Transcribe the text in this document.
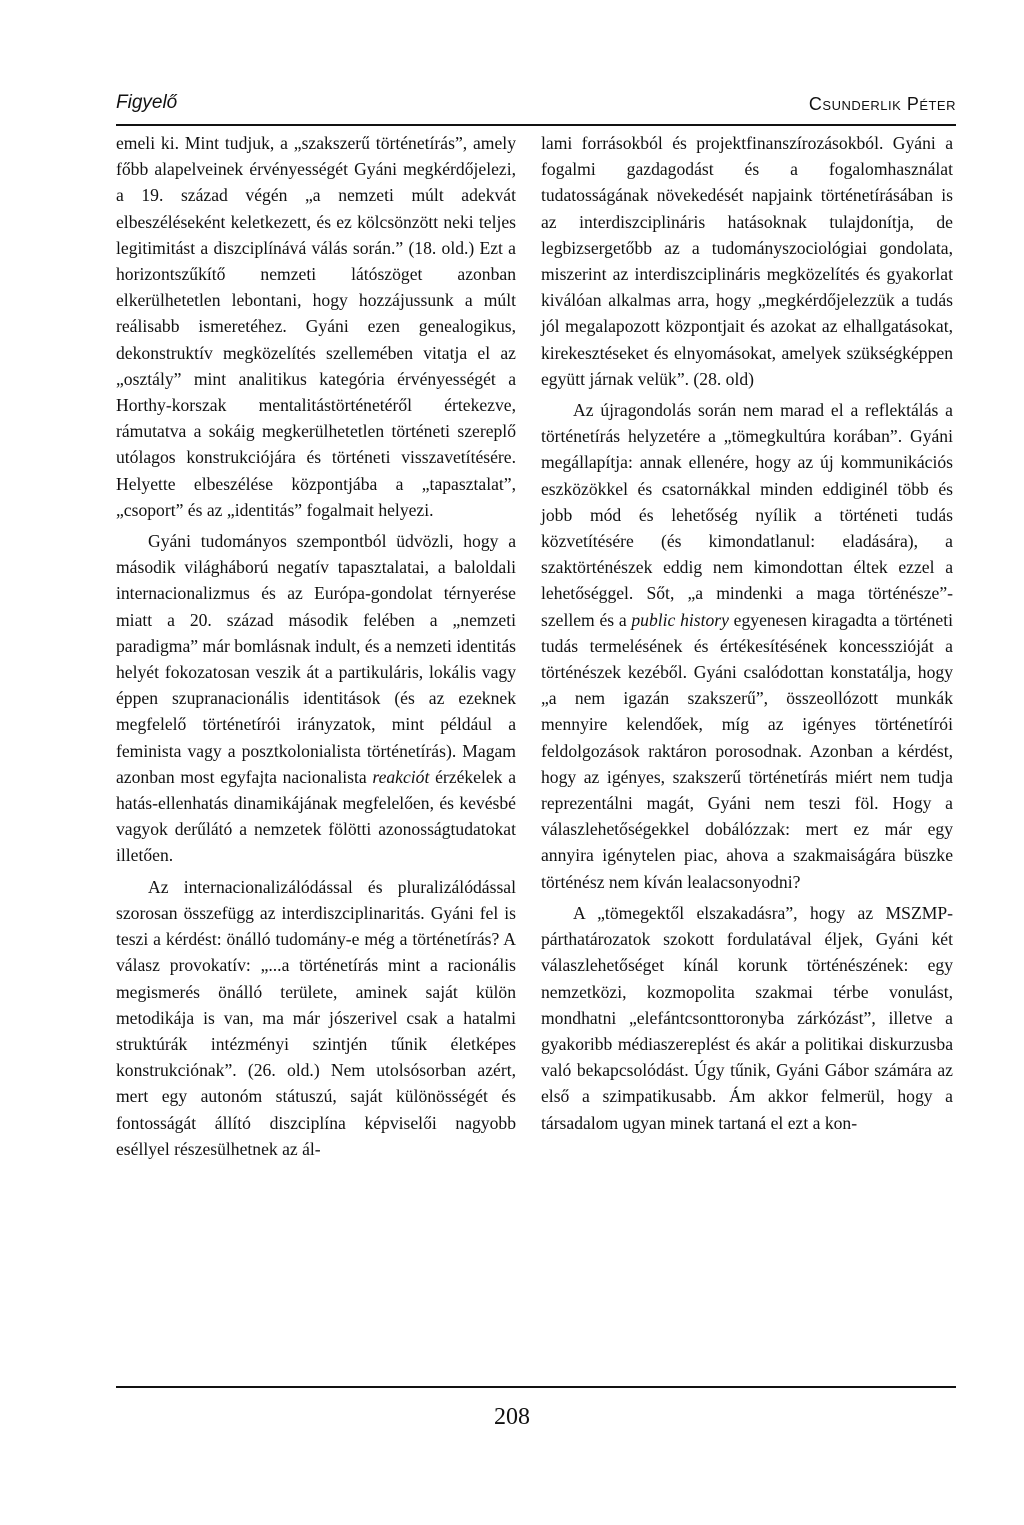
Figyelő	Csunderlik Péter

emeli ki. Mint tudjuk, a „szakszerű történetírás”, amely főbb alapelveinek érvényességét Gyáni megkérdőjelezi, a 19. század végén „a nemzeti múlt adekvát elbeszéléseként keletkezett, és ez kölcsönzött neki teljes legitimitást a diszciplínává válás során.” (18. old.) Ezt a horizontszűkítő nemzeti látószöget azonban elkerülhetetlen lebontani, hogy hozzájussunk a múlt reálisabb ismeretéhez. Gyáni ezen genealogikus, dekonstruktív megközelítés szellemében vitatja el az „osztály” mint analitikus kategória érvényességét a Horthy-korszak mentalitástörténetéről értekezve, rámutatva a sokáig megkerülhetetlen történeti szereplő utólagos konstrukciójára és történeti visszavetítésére. Helyette elbeszélése központjába a „tapasztalat”, „csoport” és az „identitás” fogalmait helyezi.

Gyáni tudományos szempontból üdvözli, hogy a második világháború negatív tapasztalatai, a baloldali internacionalizmus és az Európa-gondolat térnyerése miatt a 20. század második felében a „nemzeti paradigma” már bomlásnak indult, és a nemzeti identitás helyét fokozatosan veszik át a partikuláris, lokális vagy éppen szupranacionális identitások (és az ezeknek megfelelő történetírói irányzatok, mint például a feminista vagy a posztkolonialista történetírás). Magam azonban most egyfajta nacionalista reakciót érzékelek a hatás-ellenhatás dinamikájának megfelelően, és kevésbé vagyok derűlátó a nemzetek fölötti azonosságtudatokat illetően.

Az internacionalizálódással és pluralizálódással szorosan összefügg az interdiszciplinaritás. Gyáni fel is teszi a kérdést: önálló tudomány-e még a történetírás? A válasz provokatív: „...a történetírás mint a racionális megismerés önálló területe, aminek saját külön metodikája is van, ma már jószerivel csak a hatalmi struktúrák intézményi szintjén tűnik életképes konstrukciónak”. (26. old.) Nem utolsósorban azért, mert egy autonóm státuszú, saját különösségét és fontosságát állító diszciplína képviselői nagyobb eséllyel részesülhetnek az ál-

lami forrásokból és projektfinanszírozásokból. Gyáni a fogalmi gazdagodást és a fogalomhasználat tudatosságának növekedését napjaink történetírásában is az interdiszciplináris hatásoknak tulajdonítja, de legbizsergetőbb az a tudományszociológiai gondolata, miszerint az interdiszciplináris megközelítés és gyakorlat kiválóan alkalmas arra, hogy „megkérdőjelezzük a tudás jól megalapozott központjait és azokat az elhallgatásokat, kirekesztéseket és elnyomásokat, amelyek szükségképpen együtt járnak velük”. (28. old)

Az újragondolás során nem marad el a reflektálás a történetírás helyzetére a „tömegkultúra korában”. Gyáni megállapítja: annak ellenére, hogy az új kommunikációs eszközökkel és csatornákkal minden eddiginél több és jobb mód és lehetőség nyílik a történeti tudás közvetítésére (és kimondatlanul: eladására), a szaktörténészek eddig nem kimondottan éltek ezzel a lehetőséggel. Sőt, „a mindenki a maga történésze”-szellem és a public history egyenesen kiragadta a történeti tudás termelésének és értékesítésének koncesszióját a történészek kezéből. Gyáni csalódottan konstatálja, hogy „a nem igazán szakszerű”, összeollózott munkák mennyire kelendőek, míg az igényes történetírói feldolgozások raktáron porosodnak. Azonban a kérdést, hogy az igényes, szakszerű történetírás miért nem tudja reprezentálni magát, Gyáni nem teszi föl. Hogy a válaszlehetőségekkel dobálózzak: mert ez már egy annyira igénytelen piac, ahova a szakmaiságára büszke történész nem kíván lealacsonyodni?

A „tömegektől elszakadásra”, hogy az MSZMP-párthatározatok szokott fordulatával éljek, Gyáni két válaszlehetőséget kínál korunk történészének: egy nemzetközi, kozmopolita szakmai térbe vonulást, mondhatni „elefántcsonttoronyba zárkózást”, illetve a gyakoribb médiaszereplést és akár a politikai diskurzusba való bekapcsolódást. Úgy tűnik, Gyáni Gábor számára az első a szimpatikusabb. Ám akkor felmerül, hogy a társadalom ugyan minek tartaná el ezt a kon-

208
